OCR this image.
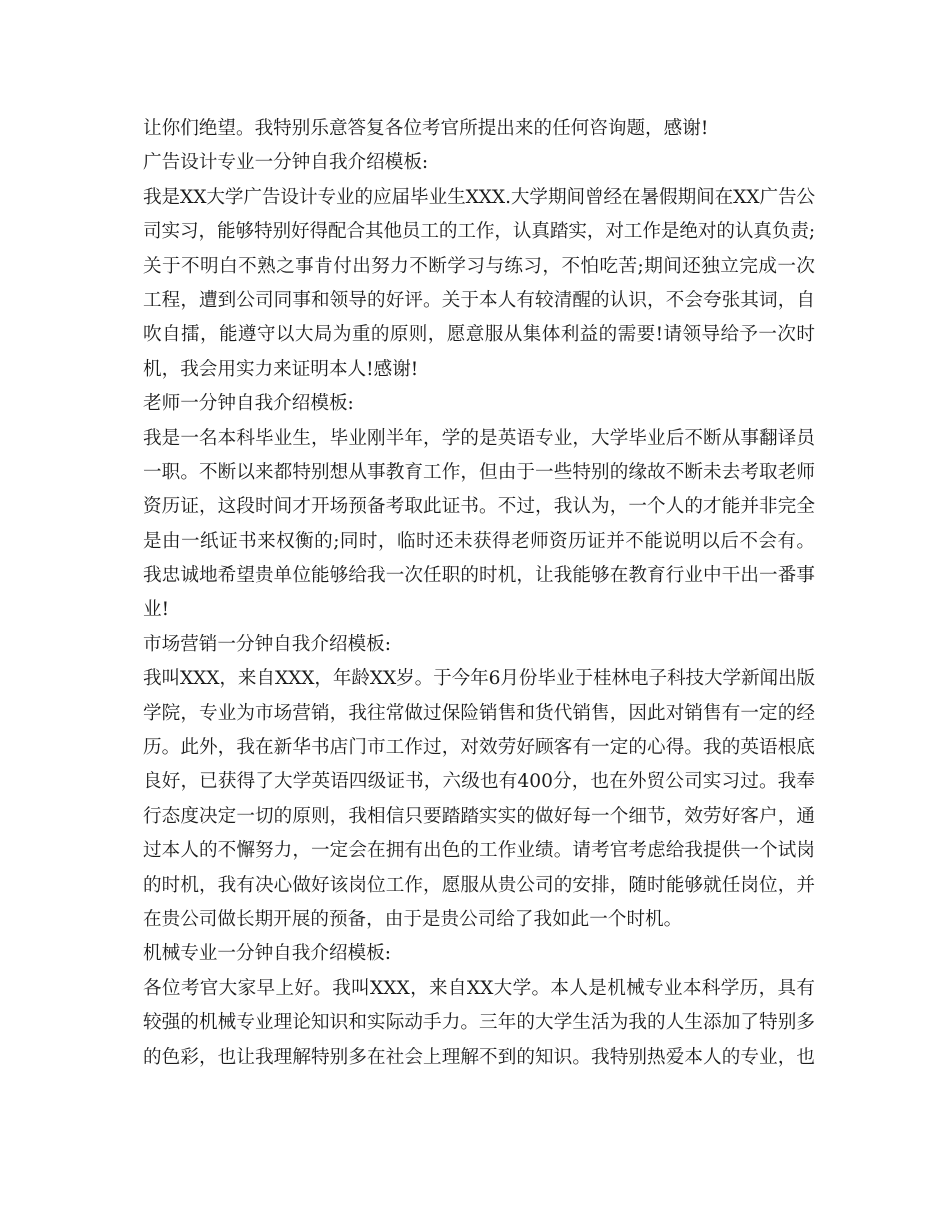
让你们绝望。我特别乐意答复各位考官所提出来的任何咨询题，感谢!
广告设计专业一分钟自我介绍模板:
我是XX大学广告设计专业的应届毕业生XXX.大学期间曾经在暑假期间在XX广告公
司实习，能够特别好得配合其他员工的工作，认真踏实，对工作是绝对的认真负责;
关于不明白不熟之事肯付出努力不断学习与练习，不怕吃苦;期间还独立完成一次
工程，遭到公司同事和领导的好评。关于本人有较清醒的认识，不会夸张其词，自
吹自擂，能遵守以大局为重的原则，愿意服从集体利益的需要!请领导给予一次时
机，我会用实力来证明本人!感谢!
老师一分钟自我介绍模板:
我是一名本科毕业生，毕业刚半年，学的是英语专业，大学毕业后不断从事翻译员
一职。不断以来都特别想从事教育工作，但由于一些特别的缘故不断未去考取老师
资历证，这段时间才开场预备考取此证书。不过，我认为，一个人的才能并非完全
是由一纸证书来权衡的;同时，临时还未获得老师资历证并不能说明以后不会有。
我忠诚地希望贵单位能够给我一次任职的时机，让我能够在教育行业中干出一番事
业!
市场营销一分钟自我介绍模板:
我叫XXX，来自XXX，年龄XX岁。于今年6月份毕业于桂林电子科技大学新闻出版
学院，专业为市场营销，我往常做过保险销售和货代销售，因此对销售有一定的经
历。此外，我在新华书店门市工作过，对效劳好顾客有一定的心得。我的英语根底
良好，已获得了大学英语四级证书，六级也有400分，也在外贸公司实习过。我奉
行态度决定一切的原则，我相信只要踏踏实实的做好每一个细节，效劳好客户，通
过本人的不懈努力，一定会在拥有出色的工作业绩。请考官考虑给我提供一个试岗
的时机，我有决心做好该岗位工作，愿服从贵公司的安排，随时能够就任岗位，并
在贵公司做长期开展的预备，由于是贵公司给了我如此一个时机。
机械专业一分钟自我介绍模板:
各位考官大家早上好。我叫XXX，来自XX大学。本人是机械专业本科学历，具有
较强的机械专业理论知识和实际动手力。三年的大学生活为我的人生添加了特别多
的色彩，也让我理解特别多在社会上理解不到的知识。我特别热爱本人的专业，也
